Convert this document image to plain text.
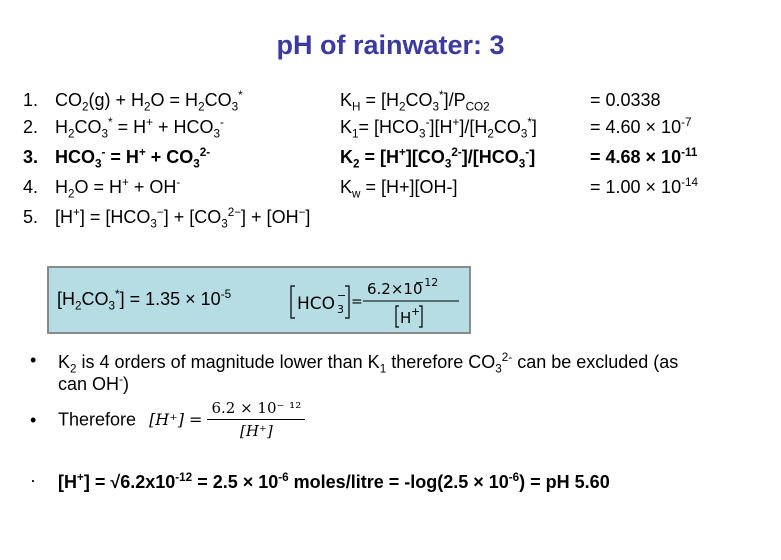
pH of rainwater: 3
1. $CO_2(g) + H_2O = H_2CO_3^*$	$K_H = [H_2CO_3^*]/P_{CO2}$	= 0.0338
2. $H_2CO_3^* = H^+ + HCO_3^-$	$K_1= [HCO_3^-][H^+]/[H_2CO_3^*]$	= $4.60 \times 10^{-7}$
3. $HCO_3^- = H^+ + CO_3^{2-}$	$K_2 = [H^+][CO_3^{2-}]/[HCO_3^-]$	= $4.68 \times 10^{-11}$
4. $H_2O = H^+ + OH^-$	$K_w = [H+][OH-]$	= $1.00 \times 10^{-14}$
5. $[H^+] = [HCO_3^-] + [CO_3^{2-}] + [OH^-]$
$[H_2CO_3^*] = 1.35 \times 10^{-5}$	HCO 3
− =
6.2×10
−12
H +
• $K_2$ is 4 orders of magnitude lower than $K_1$ therefore $CO_3^{2-}$ can be excluded (as
can OH-)
• Therefore $[H^+] = \frac{\text{6.2 × 10⁻ ¹²}}{[H^+]}$
· $[H^+] = √6.2x10^{-12} = 2.5 \times 10^{-6}$ moles/litre = $-\log(2.5 \times 10^{-6})$ = pH 5.60
